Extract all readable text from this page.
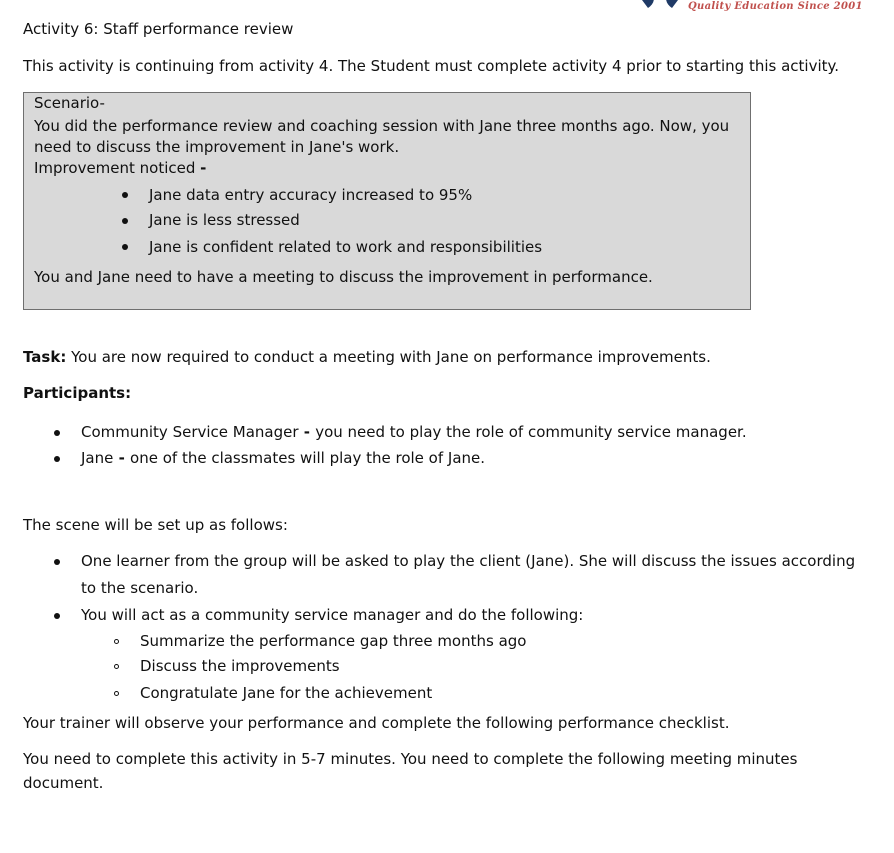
Quality Education Since 2001
Activity 6: Staff performance review
This activity is continuing from activity 4. The Student must complete activity 4 prior to starting this activity.
Scenario-
You did the performance review and coaching session with Jane three months ago. Now, you
need to discuss the improvement in Jane's work.
Improvement noticed -
Jane data entry accuracy increased to 95%
Jane is less stressed
Jane is confident related to work and responsibilities
You and Jane need to have a meeting to discuss the improvement in performance.
Task: You are now required to conduct a meeting with Jane on performance improvements.
Participants:
Community Service Manager - you need to play the role of community service manager.
Jane - one of the classmates will play the role of Jane.
The scene will be set up as follows:
One learner from the group will be asked to play the client (Jane). She will discuss the issues according
to the scenario.
You will act as a community service manager and do the following:
Summarize the performance gap three months ago
Discuss the improvements
Congratulate Jane for the achievement
Your trainer will observe your performance and complete the following performance checklist.
You need to complete this activity in 5-7 minutes. You need to complete the following meeting minutes
document.
